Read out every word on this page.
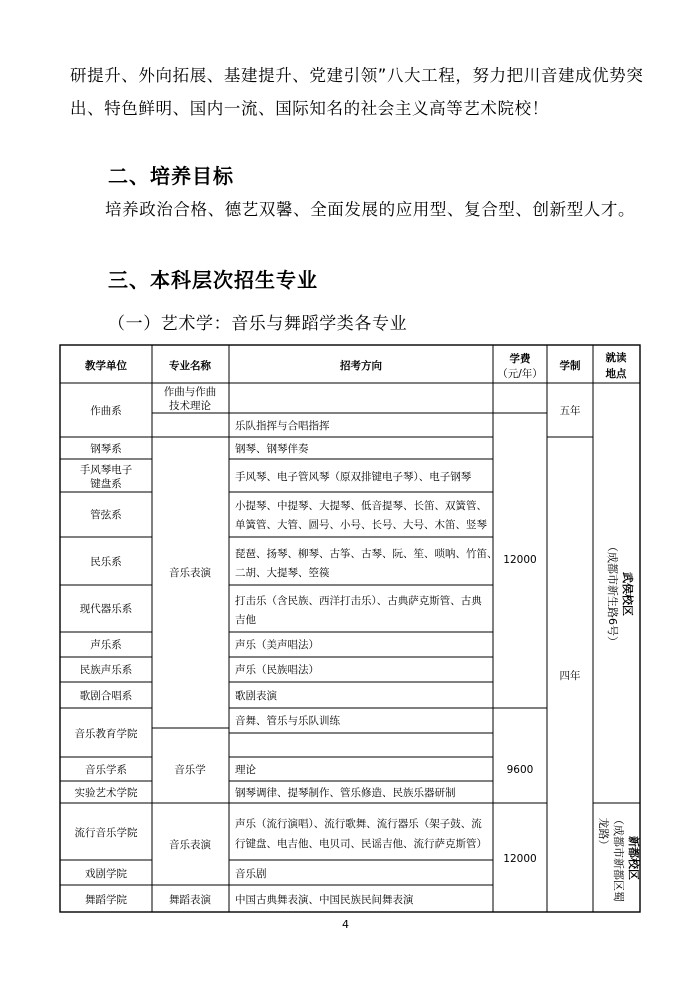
研提升、外向拓展、基建提升、党建引领”八大工程，努力把川音建成优势突
出、特色鲜明、国内一流、国际知名的社会主义高等艺术院校！
二、培养目标
培养政治合格、德艺双馨、全面发展的应用型、复合型、创新型人才。
三、本科层次招生专业
（一）艺术学：音乐与舞蹈学类各专业
教学单位	专业名称	招考方向
学费
（元/年）
学制
就读
地点
作曲系
钢琴系
手风琴电子
键盘系
管弦系
民乐系
现代器乐系
声乐系
民族声乐系
歌剧合唱系
音乐教育学院
音乐学系
实验艺术学院
流行音乐学院
戏剧学院
舞蹈学院
作曲与作曲
技术理论
音乐表演
音乐学
音乐表演
舞蹈表演
乐队指挥与合唱指挥
钢琴、钢琴伴奏
手风琴、电子管风琴（原双排键电子琴）、电子钢琴
小提琴、中提琴、大提琴、低音提琴、长笛、双簧管、
单簧管、大管、圆号、小号、长号、大号、木笛、竖琴
琵琶、扬琴、柳琴、古筝、古琴、阮、笙、唢呐、竹笛、
二胡、大提琴、箜篌
打击乐（含民族、西洋打击乐）、古典萨克斯管、古典
吉他
声乐（美声唱法）
声乐（民族唱法）
歌剧表演
音舞、管乐与乐队训练
理论
钢琴调律、提琴制作、管乐修造、民族乐器研制
声乐（流行演唱）、流行歌舞、流行器乐（架子鼓、流
行键盘、电吉他、电贝司、民谣吉他、流行萨克斯管）
音乐剧
中国古典舞表演、中国民族民间舞表演
12000
9600
12000
五年
四年
武侯校区
（成都市新生路6号）
新都校区
（成都市新都区蜀
龙路）
4
